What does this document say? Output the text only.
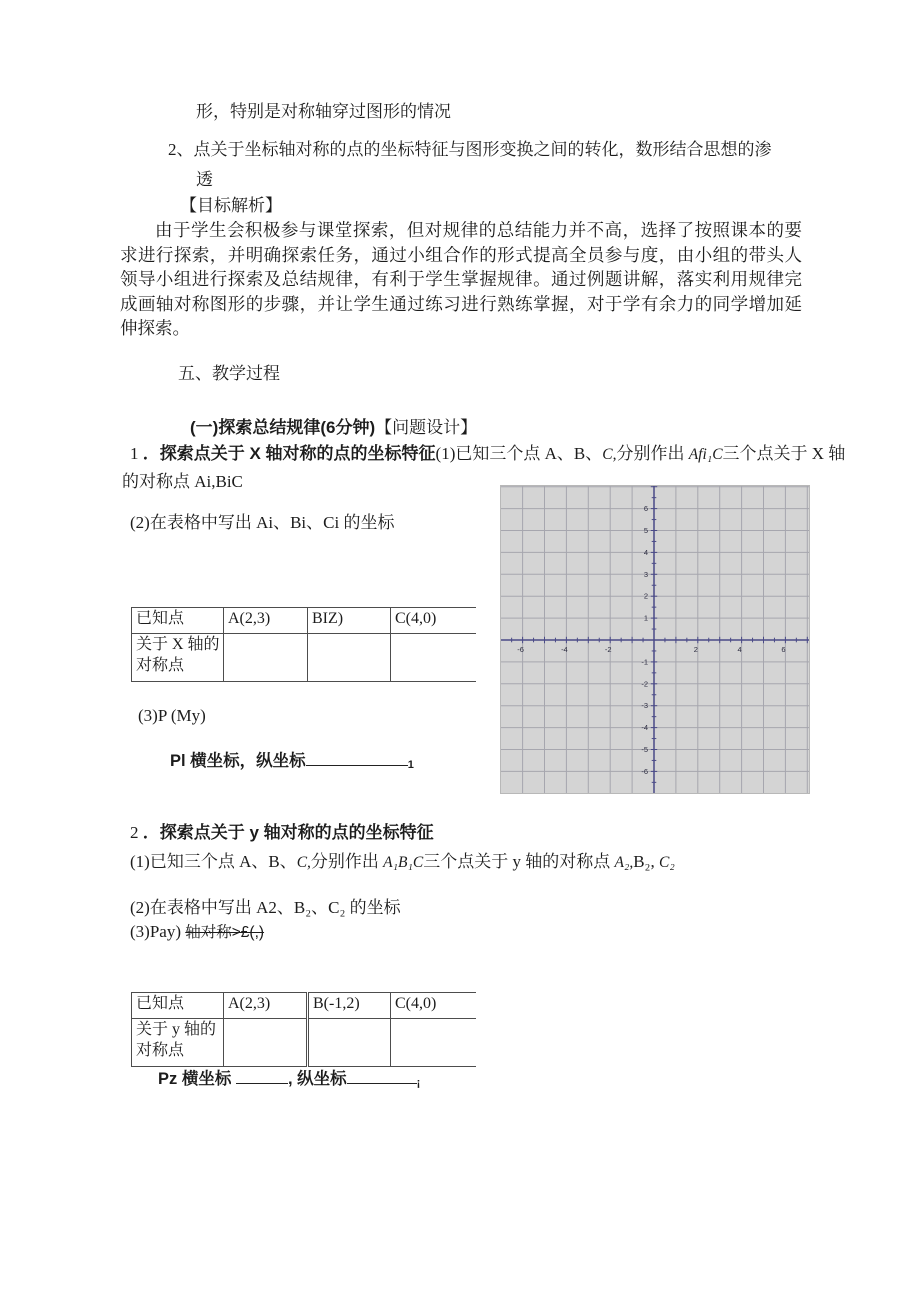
形，特别是对称轴穿过图形的情况
2、点关于坐标轴对称的点的坐标特征与图形变换之间的转化，数形结合思想的渗
透
【目标解析】
由于学生会积极参与课堂探索，但对规律的总结能力并不高，选择了按照课本的要求进行探索，并明确探索任务，通过小组合作的形式提高全员参与度，由小组的带头人领导小组进行探索及总结规律，有利于学生掌握规律。通过例题讲解，落实利用规律完成画轴对称图形的步骤，并让学生通过练习进行熟练掌握，对于学有余力的同学增加延伸探索。
五、教学过程
(一)探索总结规律(6分钟)【问题设计】
1 ．探索点关于 X 轴对称的点的坐标特征(1)已知三个点 A、B、C,分别作出 Afi₁C三个点关于 X 轴
的对称点 Ai,BiC
(2)在表格中写出 Ai、Bi、Ci 的坐标
已知点	A(2,3)	BIZ)	C(4,0)
关于 X 轴的对称点			
(3)P (My)
Pl 横坐标，纵坐标	1
-6	-4	-2	2	4	6
6
5
4
3
2
1
-1
-2
-3
-4
-5
-6
2 ．探索点关于 y 轴对称的点的坐标特征
(1)已知三个点 A、B、C,分别作出 A₁B₁C三个点关于 y 轴的对称点 A₂,B₂, C₂
(2)在表格中写出 A2、B₂、C₂ 的坐标
(3)Pay) 轴对称>£(,)
已知点	A(2,3)	B(-1,2)	C(4,0)
关于 y 轴的对称点			
Pz 横坐标	, 纵坐标	¡
